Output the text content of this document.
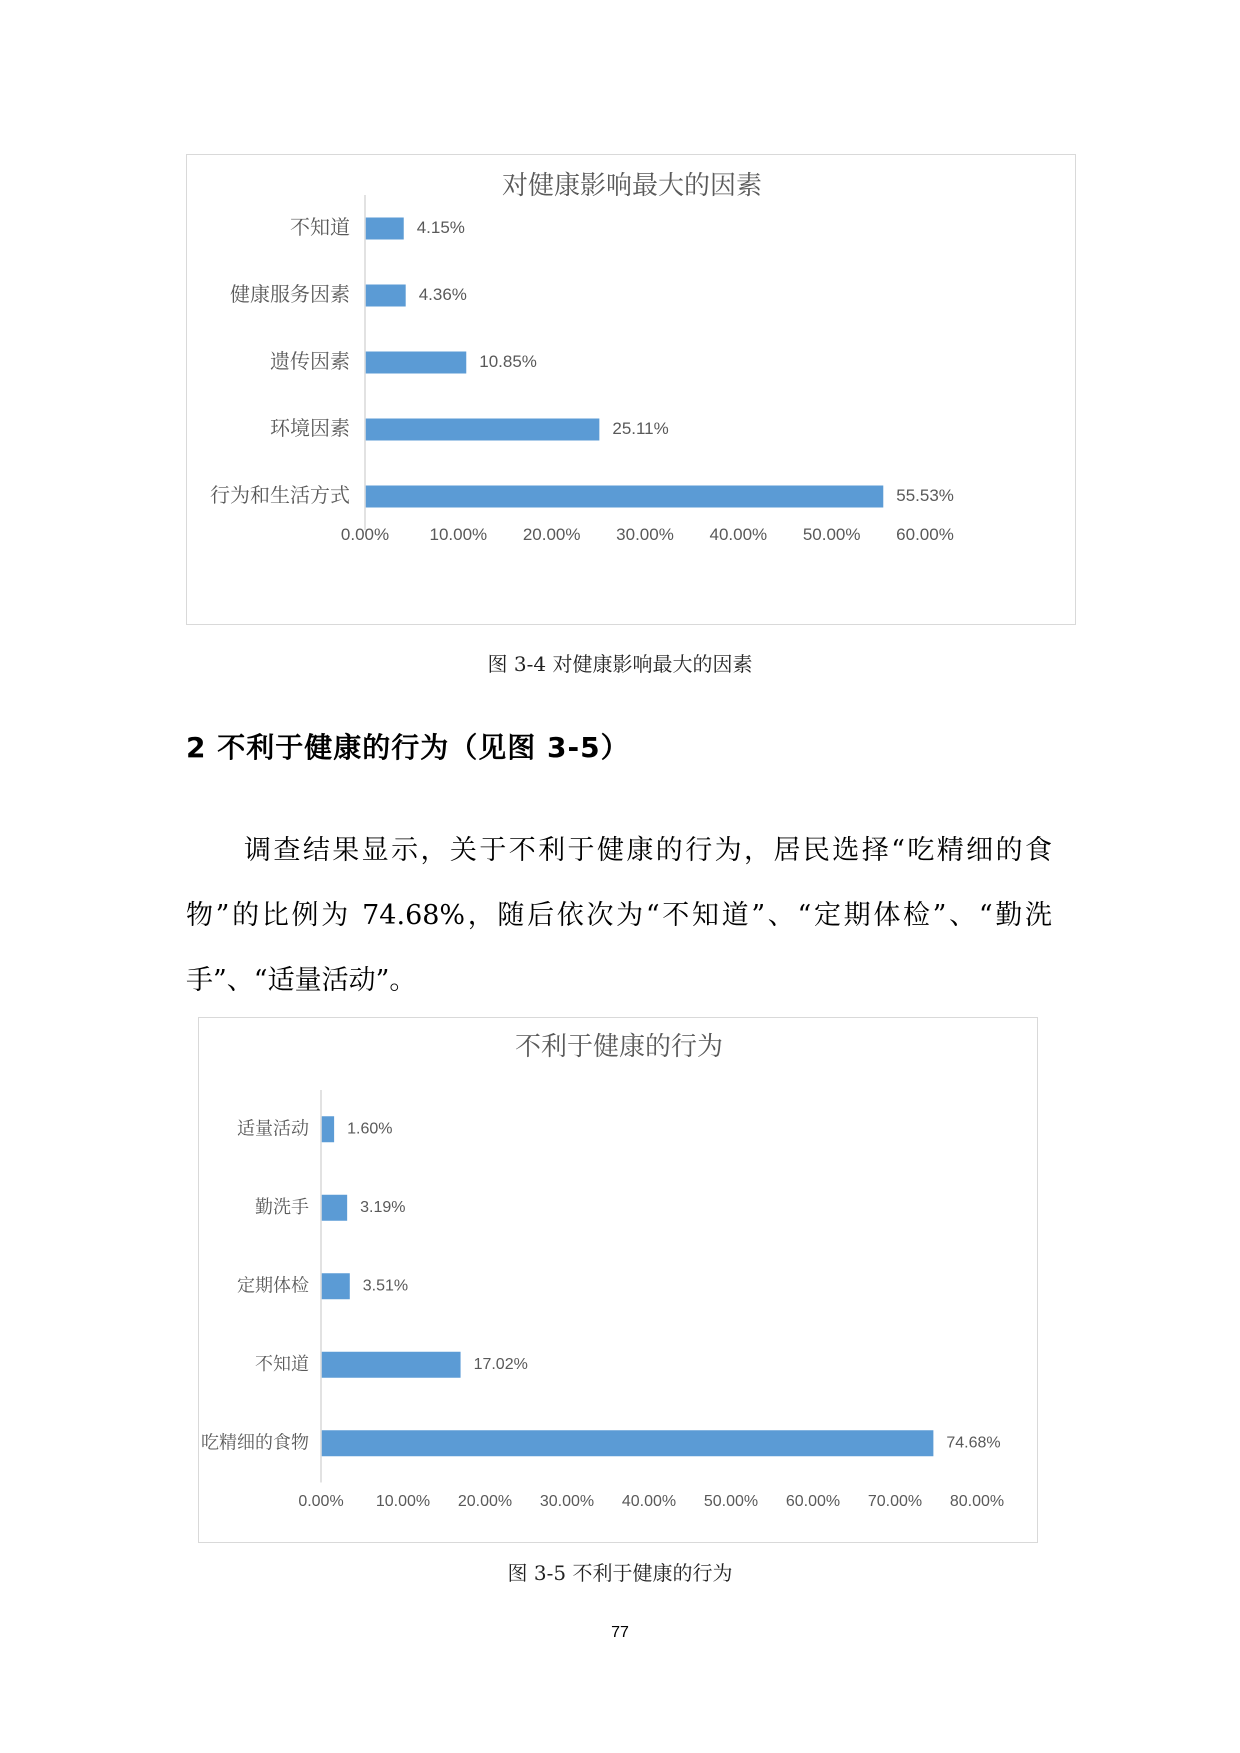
对健康影响最大的因素
不知道	4.15%
健康服务因素	4.36%
遗传因素	10.85%
环境因素	25.11%
行为和生活方式	55.53%
0.00% 10.00% 20.00% 30.00% 40.00% 50.00% 60.00%
图 3-4 对健康影响最大的因素
2 不利于健康的行为（见图 3-5）
调查结果显示，关于不利于健康的行为，居民选择“吃精细的食物”的比例为 74.68%，随后依次为“不知道”、“定期体检”、“勤洗手”、“适量活动”。
不利于健康的行为
适量活动 1.60%
勤洗手	3.19%
定期体检	3.51%
不知道	17.02%
吃精细的食物	74.68%
0.00% 10.00% 20.00% 30.00% 40.00% 50.00% 60.00% 70.00% 80.00%
图 3-5 不利于健康的行为
77
